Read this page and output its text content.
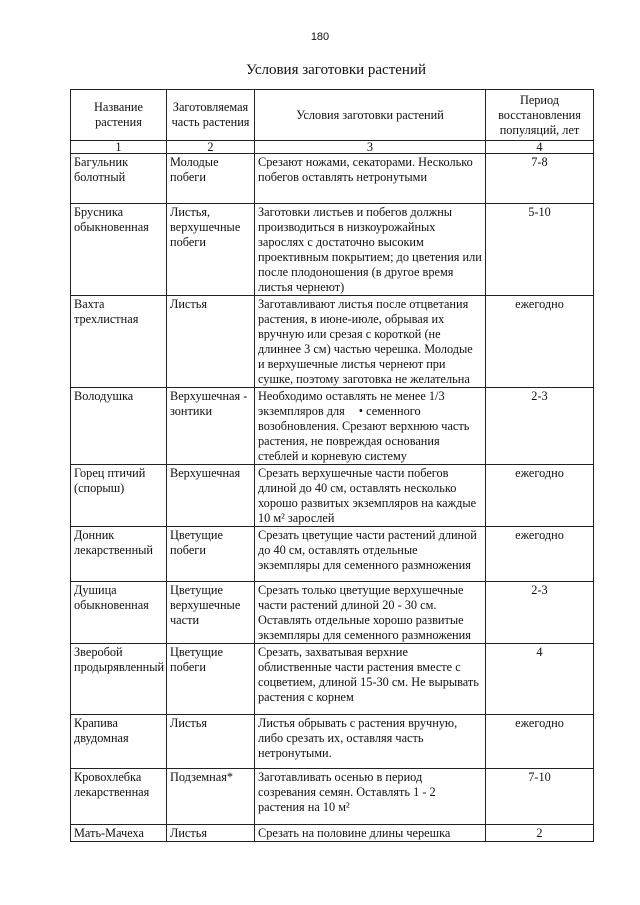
180
Условия заготовки растений
Название растения	Заготовляемая часть растения	Условия заготовки растений	Период восстановления популяций, лет
1	2	3	4
Багульник болотный	Молодые побеги	Срезают ножами, секаторами. Несколько побегов оставлять нетронутыми	7-8
Брусника обыкновенная	Листья, верхушечные побеги	Заготовки листьев и побегов должны производиться в низкоурожайных зарослях с достаточно высоким проективным покрытием; до цветения или после плодоношения (в другое время листья чернеют)	5-10
Вахта трехлистная	Листья	Заготавливают листья после отцветания растения, в июне-июле, обрывая их вручную или срезая с короткой (не длиннее 3 см) частью черешка. Молодые и верхушечные листья чернеют при сушке, поэтому заготовка не желательна	ежегодно
Володушка	Верхушечная - зонтики	Необходимо оставлять не менее 1/3 экземпляров для • семенного возобновления. Срезают верхнюю часть растения, не повреждая основания стеблей и корневую систему	2-3
Горец птичий (спорыш)	Верхушечная	Срезать верхушечные части побегов длиной до 40 см, оставлять несколько хорошо развитых экземпляров на каждые 10 м² зарослей	ежегодно
Донник лекарственный	Цветущие побеги	Срезать цветущие части растений длиной до 40 см, оставлять отдельные экземпляры для семенного размножения	ежегодно
Душица обыкновенная	Цветущие верхушечные части	Срезать только цветущие верхушечные части растений длиной 20 - 30 см. Оставлять отдельные хорошо развитые экземпляры для семенного размножения	2-3
Зверобой продырявленный	Цветущие побеги	Срезать, захватывая верхние облиственные части растения вместе с соцветием, длиной 15-30 см. Не вырывать растения с корнем	4
Крапива двудомная	Листья	Листья обрывать с растения вручную, либо срезать их, оставляя часть нетронутыми.	ежегодно
Кровохлебка лекарственная	Подземная*	Заготавливать осенью в период созревания семян. Оставлять 1 - 2 растения на 10 м²	7-10
Мать-Мачеха	Листья	Срезать на половине длины черешка	2
